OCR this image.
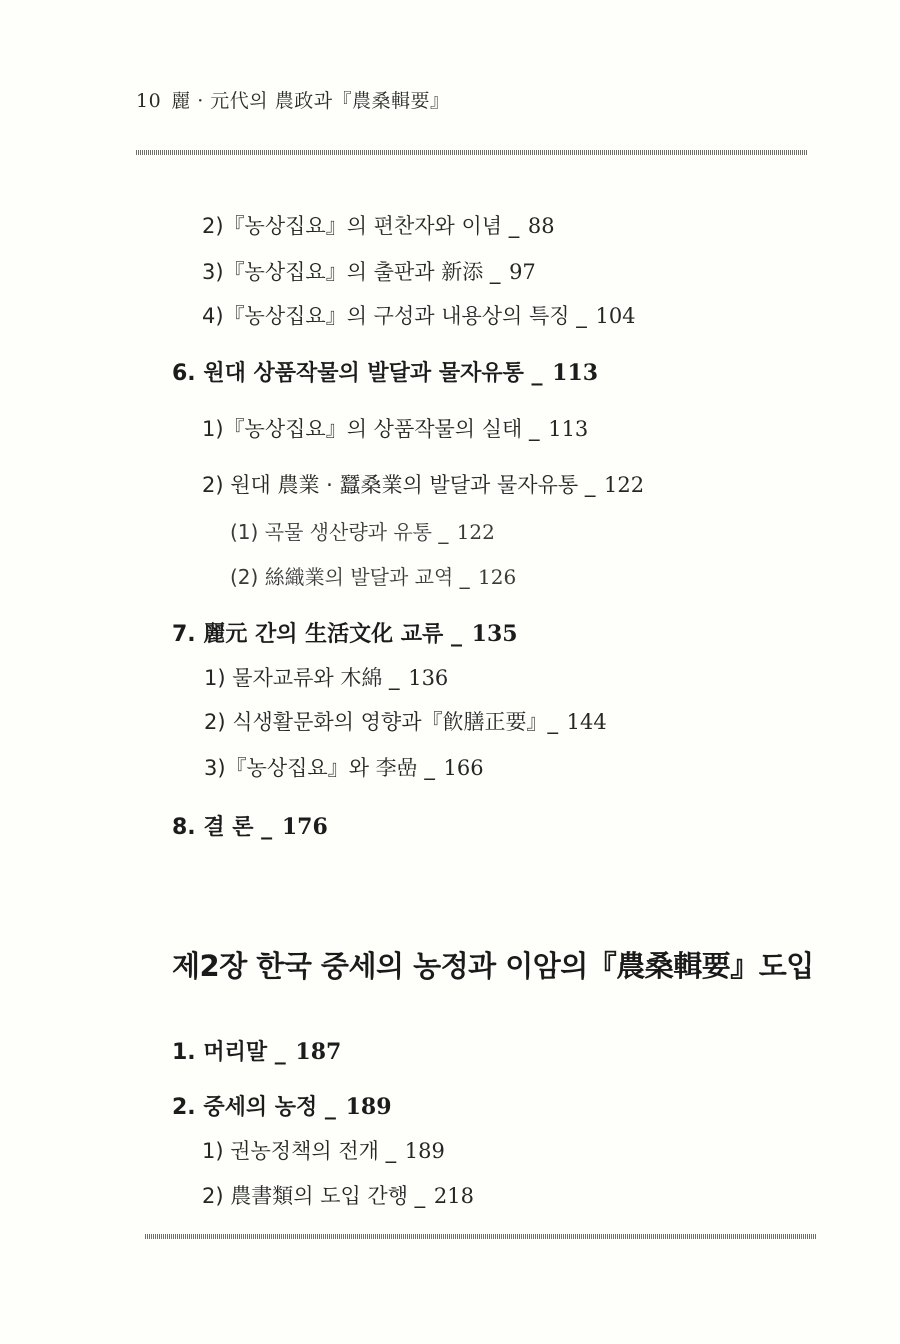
10 麗 · 元代의 農政과『農桑輯要』
2)『농상집요』의 편찬자와 이념 _ 88
3)『농상집요』의 출판과 新添 _ 97
4)『농상집요』의 구성과 내용상의 특징 _ 104
6. 원대 상품작물의 발달과 물자유통 _ 113
1)『농상집요』의 상품작물의 실태 _ 113
2) 원대 農業 · 蠶桑業의 발달과 물자유통 _ 122
(1) 곡물 생산량과 유통 _ 122
(2) 絲織業의 발달과 교역 _ 126
7. 麗元 간의 生活文化 교류 _ 135
1) 물자교류와 木綿 _ 136
2) 식생활문화의 영향과『飮膳正要』_ 144
3)『농상집요』와 李嵒 _ 166
8. 결 론 _ 176
제2장 한국 중세의 농정과 이암의『農桑輯要』도입
1. 머리말 _ 187
2. 중세의 농정 _ 189
1) 권농정책의 전개 _ 189
2) 農書類의 도입 간행 _ 218
